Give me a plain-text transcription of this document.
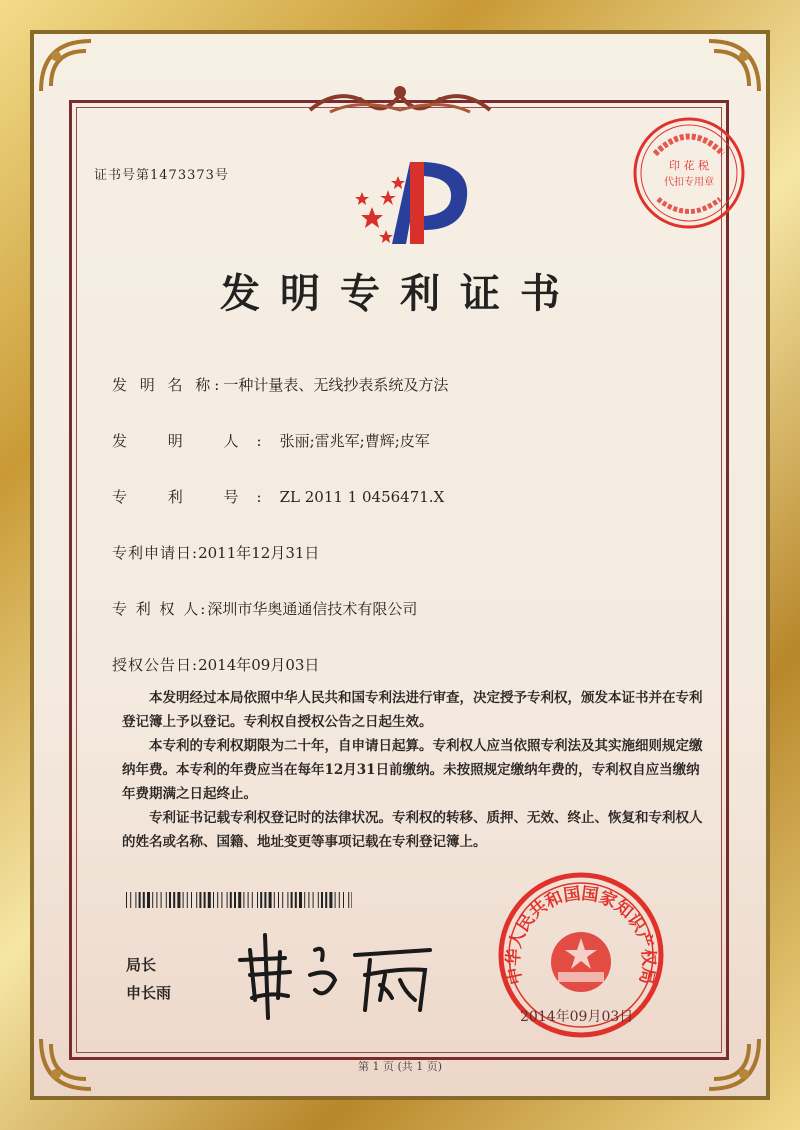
印 花 税
代扣专用章
证书号第1473373号
发明专利证书
发 明 名 称:一种计量表、无线抄表系统及方法
发 明 人:张丽;雷兆军;曹辉;皮军
专 利 号:ZL 2011 1 0456471.X
专利申请日:2011年12月31日
专 利 权 人:深圳市华奥通通信技术有限公司
授权公告日:2014年09月03日

本发明经过本局依照中华人民共和国专利法进行审查，决定授予专利权，颁发本证书并在专利登记簿上予以登记。专利权自授权公告之日起生效。

本专利的专利权期限为二十年，自申请日起算。专利权人应当依照专利法及其实施细则规定缴纳年费。本专利的年费应当在每年12月31日前缴纳。未按照规定缴纳年费的，专利权自应当缴纳年费期满之日起终止。

专利证书记载专利权登记时的法律状况。专利权的转移、质押、无效、终止、恢复和专利权人的姓名或名称、国籍、地址变更等事项记载在专利登记簿上。

局长
申长雨
中华人民共和国国家知识产权局
2014年09月03日
第 1 页 (共 1 页)
